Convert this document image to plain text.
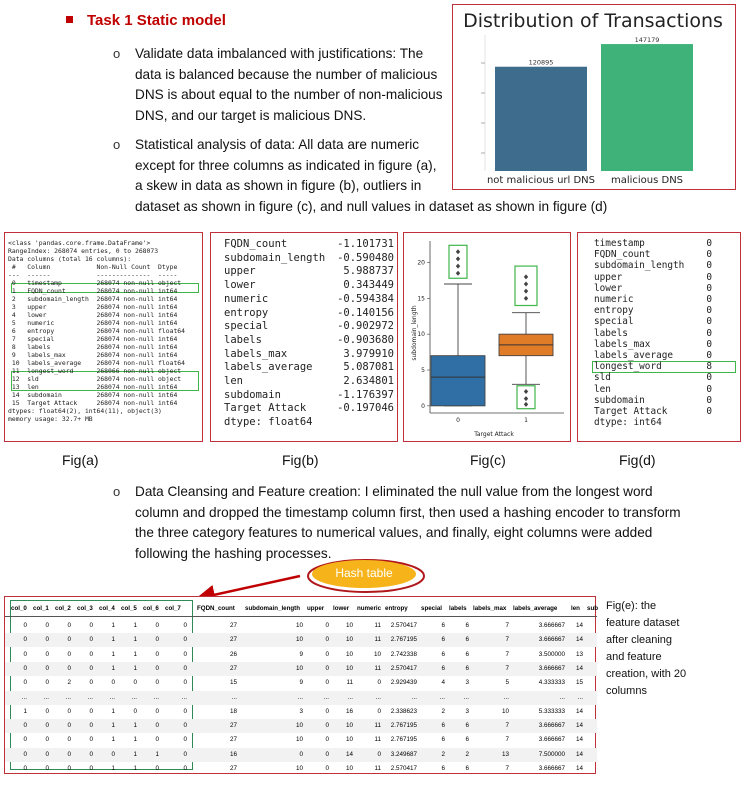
Task 1 Static model
o Validate data imbalanced with justifications: The
data is balanced because the number of malicious
DNS is about equal to the number of non-malicious
DNS, and our target is malicious DNS.
o Statistical analysis of data: All data are numeric
except for three columns as indicated in figure (a),
a skew in data as shown in figure (b), outliers in
dataset as shown in figure (c), and null values in dataset as shown in figure (d)
Distribution of Transactions
120895
not malicious url DNS
147179
malicious DNS
<class 'pandas.core.frame.DataFrame'>
RangeIndex: 268074 entries, 0 to 268073
Data columns (total 16 columns):
#   Column            Non-Null Count  Dtype
---  ------            --------------  -----
0   timestamp         268074 non-null object
1   FQDN_count        268074 non-null int64
2   subdomain_length  268074 non-null int64
3   upper             268074 non-null int64
4   lower             268074 non-null int64
5   numeric           268074 non-null int64
6   entropy           268074 non-null float64
7   special           268074 non-null int64
8   labels            268074 non-null int64
9   labels_max        268074 non-null int64
10  labels_average    268074 non-null float64
11  longest_word      268066 non-null object
12  sld               268074 non-null object
13  len               268074 non-null int64
14  subdomain         268074 non-null int64
15  Target Attack     268074 non-null int64
dtypes: float64(2), int64(11), object(3)
memory usage: 32.7+ MB
FQDN_count	-1.101731
subdomain_length -0.590480
upper	5.988737
lower	0.343449
numeric	-0.594384
entropy	-0.140156
special	-0.902972
labels	-0.903680
labels_max	3.979910
labels_average	5.087081
len	2.634801
subdomain	-1.176397
Target Attack	-0.197046
dtype: float64
0
5
10
15
20
subdomain_length
Target Attack
0	1
timestamp	0
FQDN_count	0
subdomain_length 0
upper	0
lower	0
numeric	0
entropy	0
special	0
labels	0
labels_max	0
labels_average	0
longest_word	8
sld	0
len	0
subdomain	0
Target Attack	0
dtype: int64
Fig(a)	Fig(b)	Fig(c)	Fig(d)
o Data Cleansing and Feature creation: I eliminated the null value from the longest word
column and dropped the timestamp column first, then used a hashing encoder to transform
the three category features to numerical values, and finally, eight columns were added
following the hashing processes.
Hash table
col_0 col_1 col_2 col_3 col_4 col_5 col_6 col_7	FQDN_count subdomain_length upper lower numeric entropy special labels labels_max labels_average len sub
0	0	0	0	1	1	0	0	27	10	0	10	11 2.570417	6	6	7	3.666667 14
0	0	0	0	1	1	0	0	27	10	0	10	11 2.767195	6	6	7	3.666667 14
0	0	0	0	1	1	0	0	26	9	0	10	10 2.742338	6	6	7	3.500000 13
0	0	0	0	1	1	0	0	27	10	0	10	11 2.570417	6	6	7	3.666667 14
0	0	2	0	0	0	0	0	15	9	0	11	0 2.929439	4	3	5	4.333333 15
...	...	...	...	...	...	...	...	...	...	...	...	...	...	...	...	...	... ...
1	0	0	0	1	0	0	0	18	3	0	16	0 2.338623	2	3	10	5.333333 14
0	0	0	0	1	1	0	0	27	10	0	10	11 2.767195	6	6	7	3.666667 14
0	0	0	0	1	1	0	0	27	10	0	10	11 2.767195	6	6	7	3.666667 14
0	0	0	0	0	1	1	0	16	0	0	14	0 3.249687	2	2	13	7.500000 14
0	0	0	0	1	1	0	0	27	10	0	10	11 2.570417	6	6	7	3.666667 14
Fig(e): the
feature dataset
after cleaning
and feature
creation, with 20
columns
